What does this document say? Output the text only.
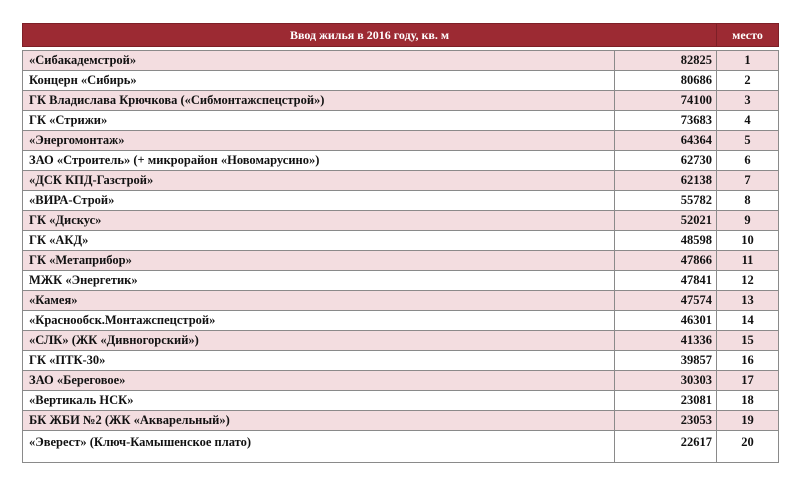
Ввод жилья в 2016 году, кв. м		место

«Сибакадемстрой»	82825	1
Концерн «Сибирь»	80686	2
ГК Владислава Крючкова («Сибмонтажспецстрой»)	74100	3
ГК «Стрижи»	73683	4
«Энергомонтаж»	64364	5
ЗАО «Строитель» (+ микрорайон «Новомарусино»)	62730	6
«ДСК КПД-Газстрой»	62138	7
«ВИРА-Строй»	55782	8
ГК «Дискус»	52021	9
ГК «АКД»	48598	10
ГК «Метаприбор»	47866	11
МЖК «Энергетик»	47841	12
«Камея»	47574	13
«Краснообск.Монтажспецстрой»	46301	14
«СЛК» (ЖК «Дивногорский»)	41336	15
ГК «ПТК-30»	39857	16
ЗАО «Береговое»	30303	17
«Вертикаль НСК»	23081	18
БК ЖБИ №2 (ЖК «Акварельный»)	23053	19
«Эверест» (Ключ-Камышенское плато)	22617	20
